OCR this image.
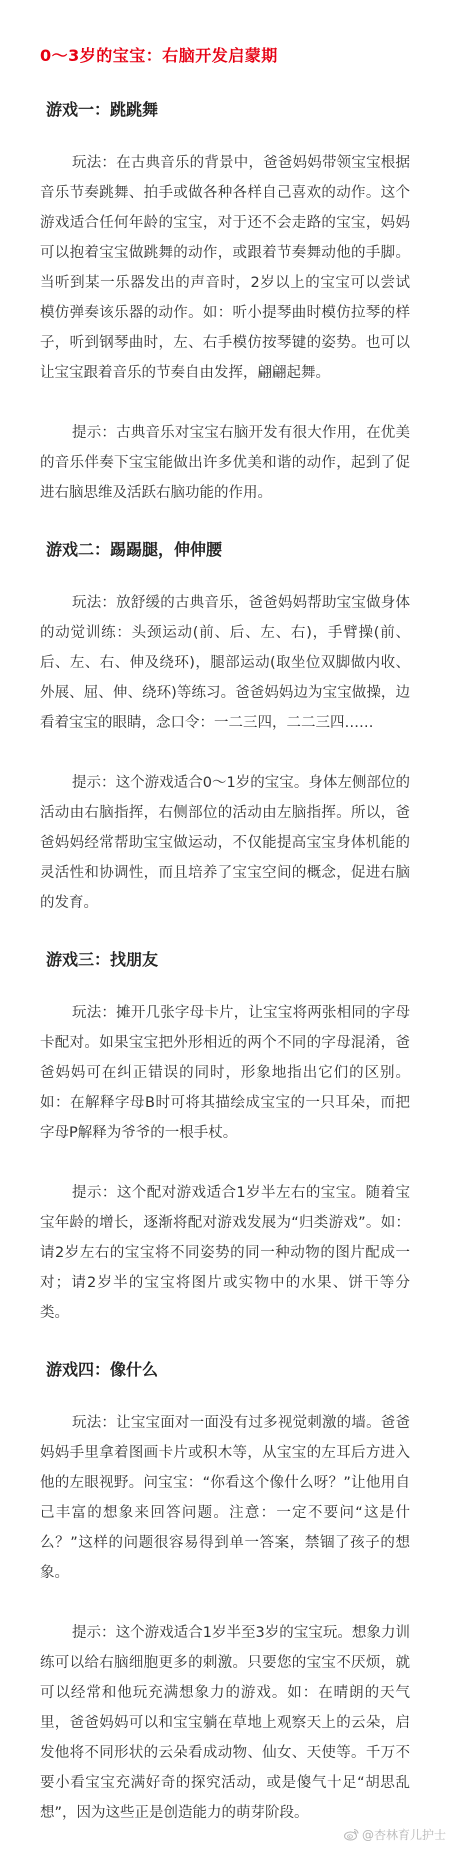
0～3岁的宝宝：右脑开发启蒙期
游戏一：跳跳舞

玩法：在古典音乐的背景中，爸爸妈妈带领宝宝根据音乐节奏跳舞、拍手或做各种各样自己喜欢的动作。这个游戏适合任何年龄的宝宝，对于还不会走路的宝宝，妈妈可以抱着宝宝做跳舞的动作，或跟着节奏舞动他的手脚。当听到某一乐器发出的声音时，2岁以上的宝宝可以尝试模仿弹奏该乐器的动作。如：听小提琴曲时模仿拉琴的样子，听到钢琴曲时，左、右手模仿按琴键的姿势。也可以让宝宝跟着音乐的节奏自由发挥，翩翩起舞。

提示：古典音乐对宝宝右脑开发有很大作用，在优美的音乐伴奏下宝宝能做出许多优美和谐的动作，起到了促进右脑思维及活跃右脑功能的作用。

游戏二：踢踢腿，伸伸腰

玩法：放舒缓的古典音乐，爸爸妈妈帮助宝宝做身体的动觉训练：头颈运动(前、后、左、右)，手臂操(前、后、左、右、伸及绕环)，腿部运动(取坐位双脚做内收、外展、屈、伸、绕环)等练习。爸爸妈妈边为宝宝做操，边看着宝宝的眼睛，念口令：一二三四，二二三四……

提示：这个游戏适合0～1岁的宝宝。身体左侧部位的活动由右脑指挥，右侧部位的活动由左脑指挥。所以，爸爸妈妈经常帮助宝宝做运动，不仅能提高宝宝身体机能的灵活性和协调性，而且培养了宝宝空间的概念，促进右脑的发育。

游戏三：找朋友

玩法：摊开几张字母卡片，让宝宝将两张相同的字母卡配对。如果宝宝把外形相近的两个不同的字母混淆，爸爸妈妈可在纠正错误的同时，形象地指出它们的区别。如：在解释字母B时可将其描绘成宝宝的一只耳朵，而把字母P解释为爷爷的一根手杖。

提示：这个配对游戏适合1岁半左右的宝宝。随着宝宝年龄的增长，逐渐将配对游戏发展为“归类游戏”。如：请2岁左右的宝宝将不同姿势的同一种动物的图片配成一对；请2岁半的宝宝将图片或实物中的水果、饼干等分类。

游戏四：像什么

玩法：让宝宝面对一面没有过多视觉刺激的墙。爸爸妈妈手里拿着图画卡片或积木等，从宝宝的左耳后方进入他的左眼视野。问宝宝：“你看这个像什么呀？”让他用自己丰富的想象来回答问题。注意：一定不要问“这是什么？”这样的问题很容易得到单一答案，禁锢了孩子的想象。

提示：这个游戏适合1岁半至3岁的宝宝玩。想象力训练可以给右脑细胞更多的刺激。只要您的宝宝不厌烦，就可以经常和他玩充满想象力的游戏。如：在晴朗的天气里，爸爸妈妈可以和宝宝躺在草地上观察天上的云朵，启发他将不同形状的云朵看成动物、仙女、天使等。千万不要小看宝宝充满好奇的探究活动，或是傻气十足“胡思乱想”，因为这些正是创造能力的萌芽阶段。

@杏林育儿护士
